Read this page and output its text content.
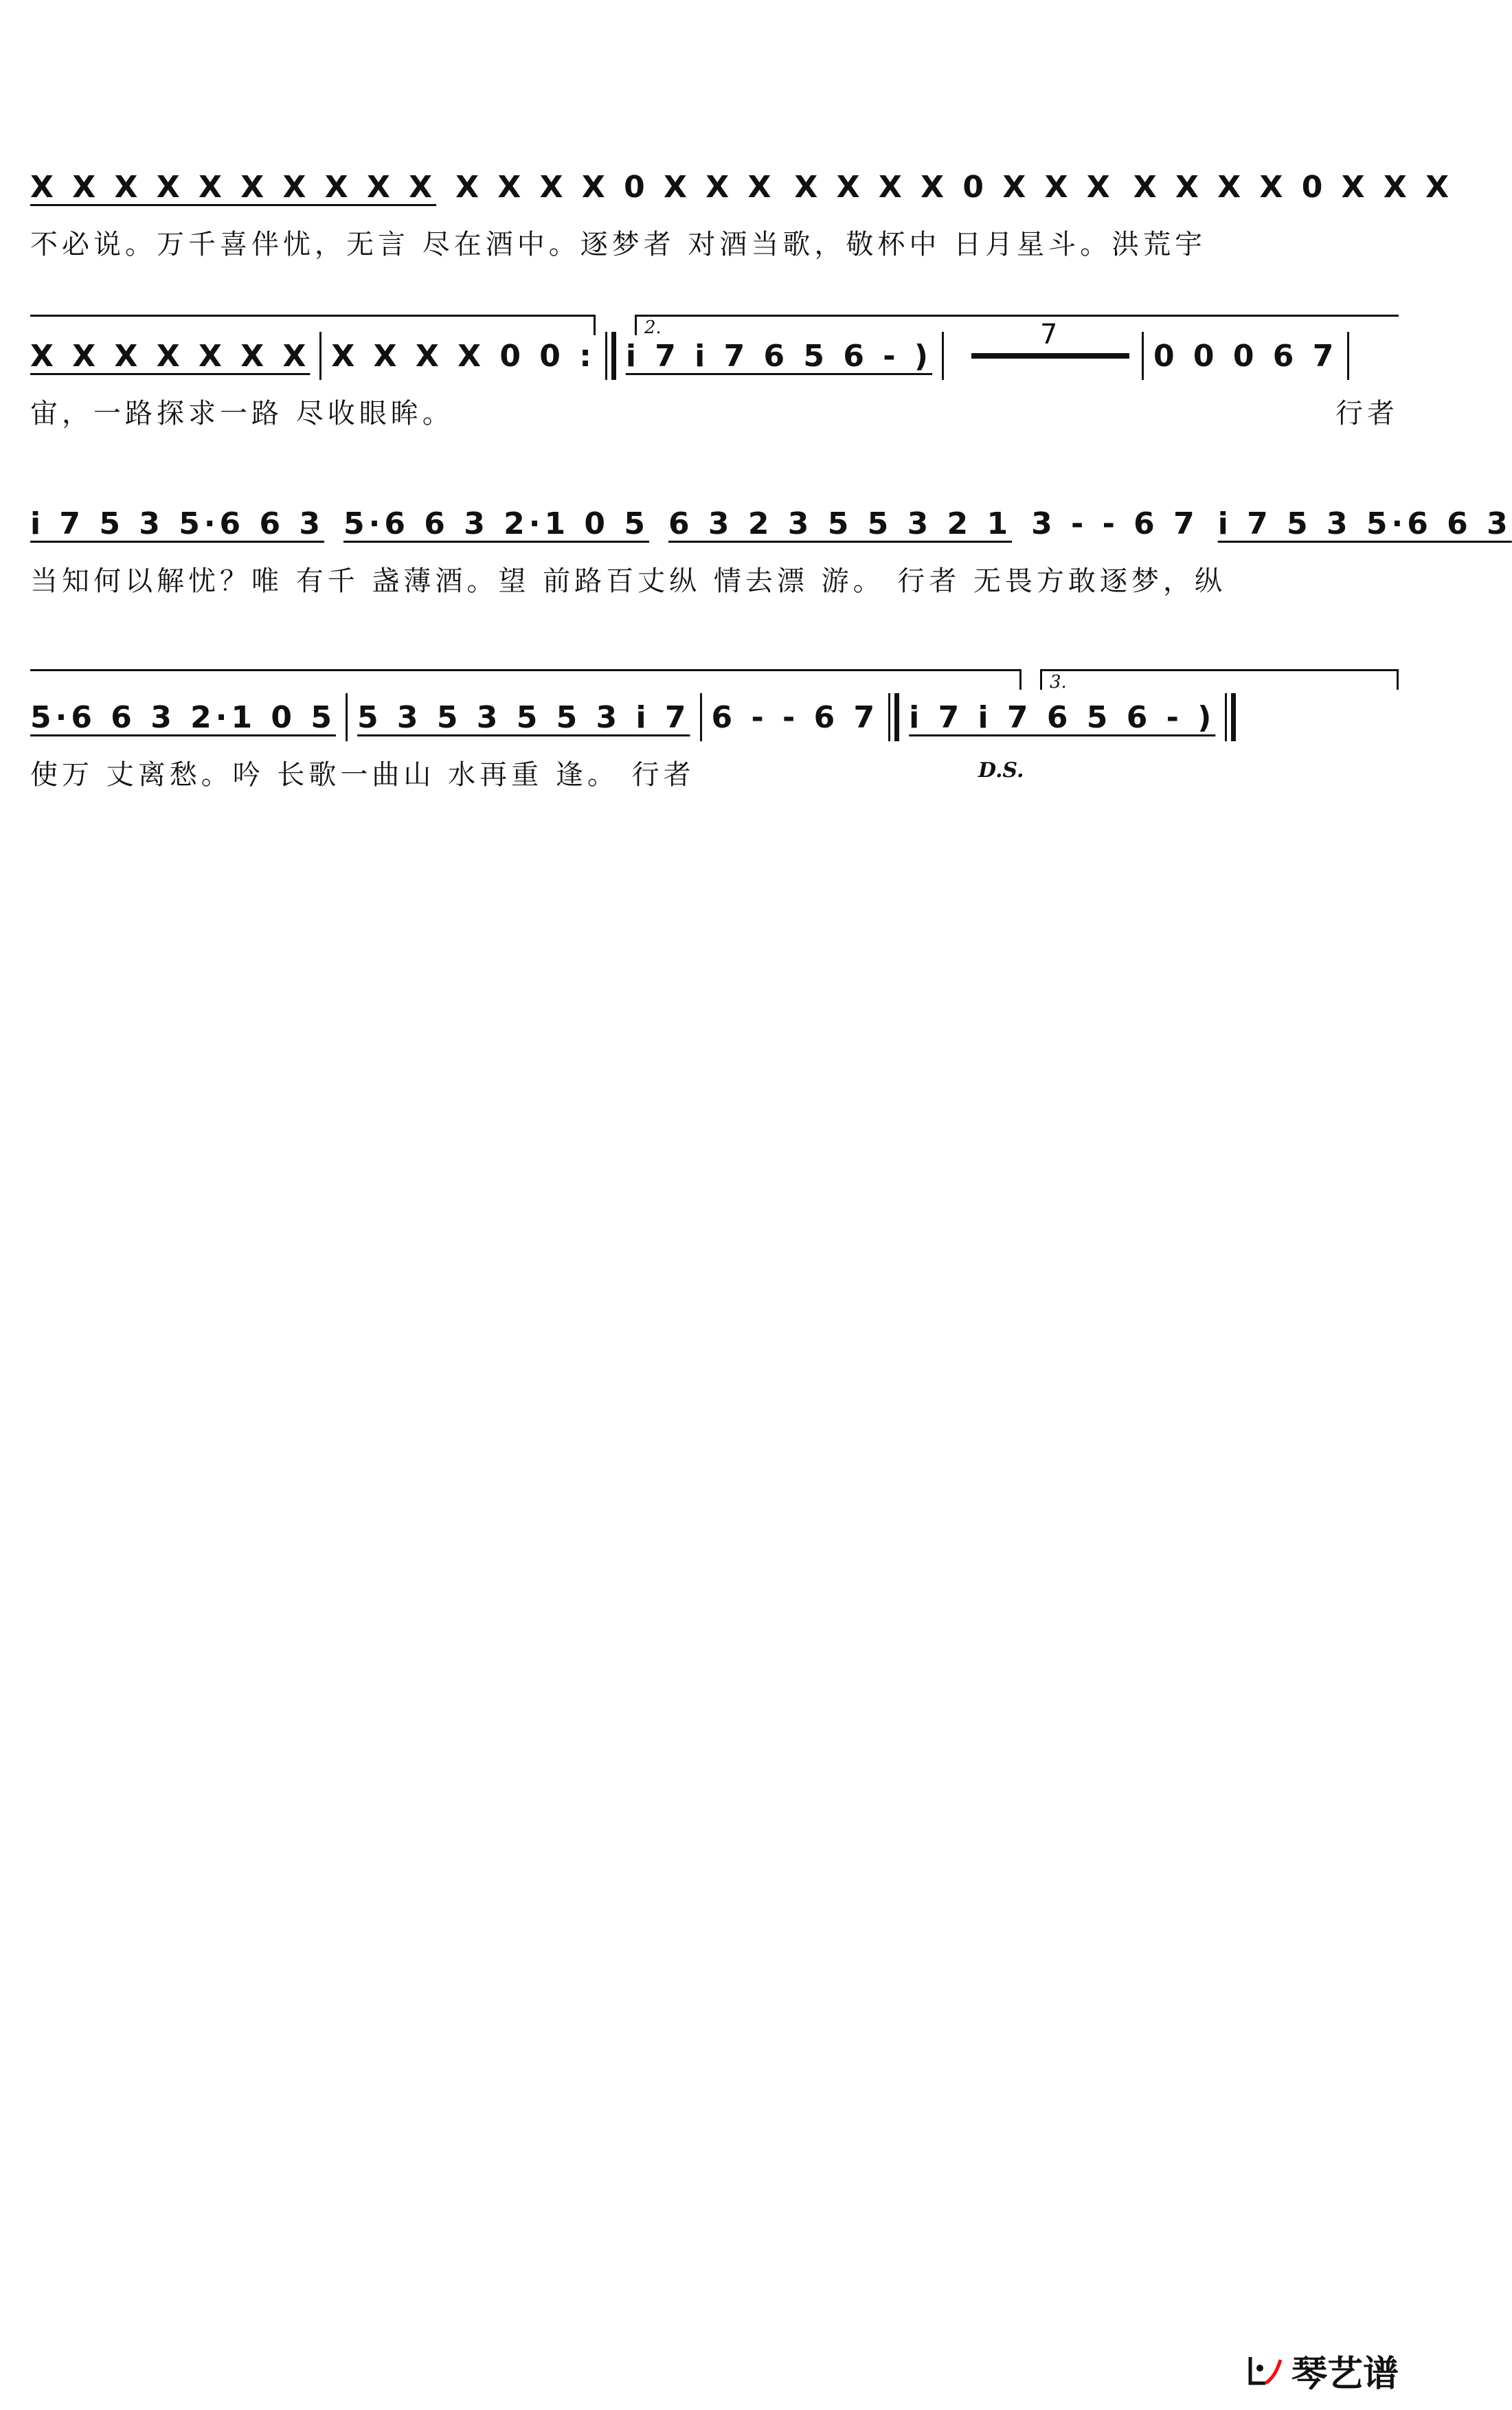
X X X X X X X X X X X X X X 0 X X X X X X X 0 X X X X X X X 0 X X X
不必说。万千喜伴忧，无言 尽在酒中。逐梦者 对酒当歌，敬杯中 日月星斗。洪荒宇
2.
X X X X X X X X X X X 0 0 : i 7 i 7 6 5 6 - )	0 0 0 6 7
7
宙，一路探求一路 尽收眼眸。	行者
i 7 5 3 5·6 6 3 5·6 6 3 2·1 0 5 6 3 2 3 5 5 3 2 1 3 - - 6 7 i 7 5 3 5·6 6 3
当知何以解忧？唯 有千 盏薄酒。望 前路百丈纵 情去漂 游。 行者 无畏方敢逐梦，纵
3.
5·6 6 3 2·1 0 5 5 3 5 3 5 5 3 i 7 6 - - 6 7 i 7 i 7 6 5 6 - )
使万 丈离愁。吟 长歌一曲山 水再重 逢。 行者	D.S.
琴艺谱
